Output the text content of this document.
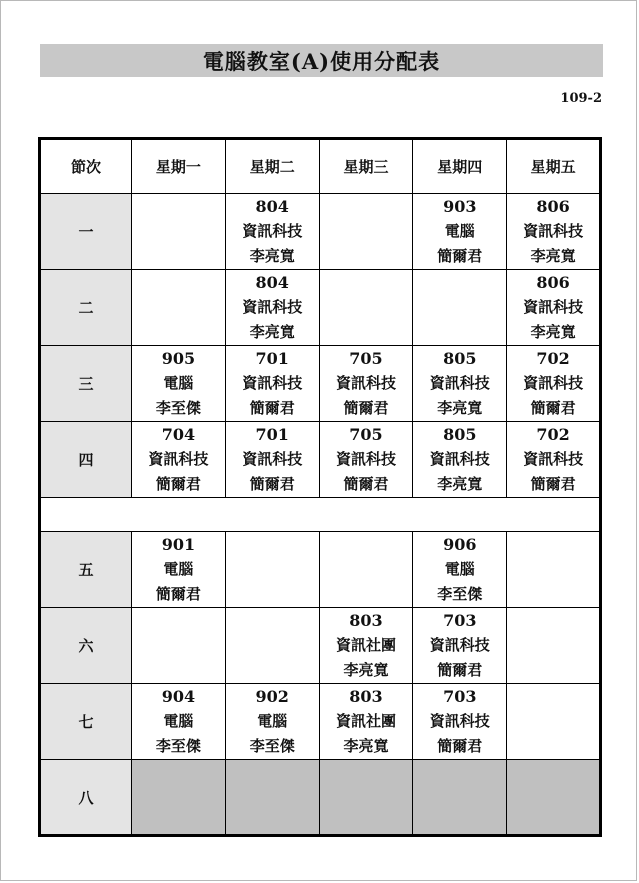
電腦教室(A)使用分配表
109-2
節次	星期一	星期二	星期三	星期四	星期五
一		804
資訊科技
李亮寬		903
電腦
簡爾君	806
資訊科技
李亮寬

二		804
資訊科技
李亮寬			806
資訊科技
李亮寬

三	905
電腦
李至傑	701
資訊科技
簡爾君	705
資訊科技
簡爾君	805
資訊科技
李亮寬	702
資訊科技
簡爾君

四	704
資訊科技
簡爾君	701
資訊科技
簡爾君	705
資訊科技
簡爾君	805
資訊科技
李亮寬	702
資訊科技
簡爾君

五	901
電腦
簡爾君			906
電腦
李至傑	

六			803
資訊社團
李亮寬	703
資訊科技
簡爾君	

七	904
電腦
李至傑	902
電腦
李至傑	803
資訊社團
李亮寬	703
資訊科技
簡爾君	

八					
